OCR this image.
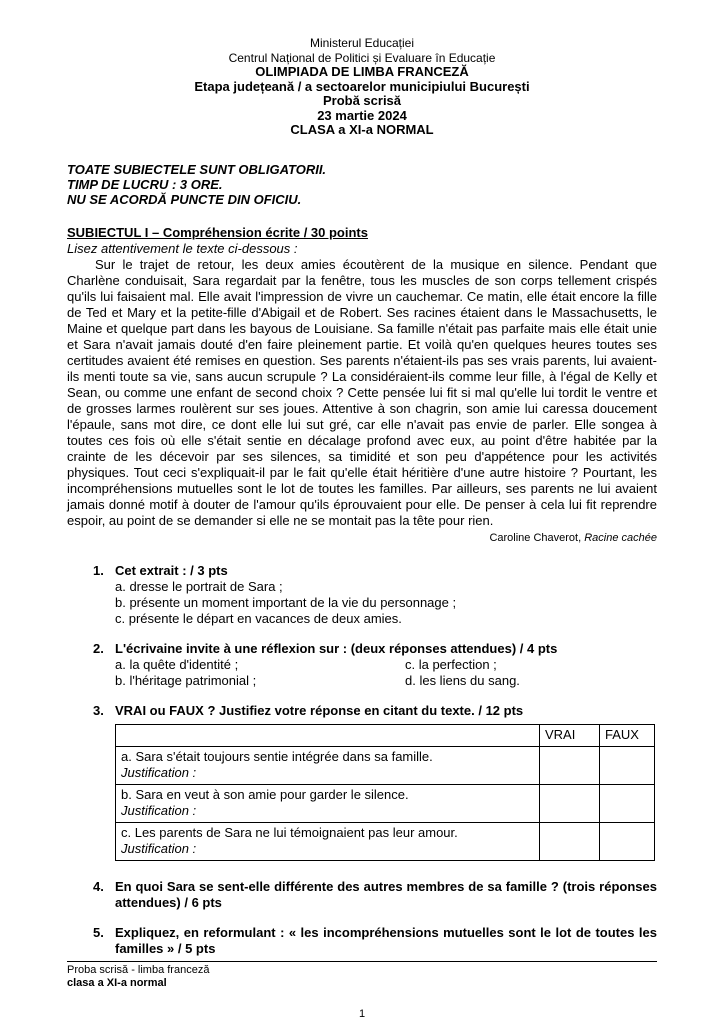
Ministerul Educației
Centrul Național de Politici și Evaluare în Educație
OLIMPIADA DE LIMBA FRANCEZĂ
Etapa județeană / a sectoarelor municipiului București
Probă scrisă
23 martie 2024
CLASA a XI-a NORMAL
TOATE SUBIECTELE SUNT OBLIGATORII.
TIMP DE LUCRU : 3 ORE.
NU SE ACORDĂ PUNCTE DIN OFICIU.
SUBIECTUL I – Compréhension écrite / 30 points
Lisez attentivement le texte ci-dessous :
Sur le trajet de retour, les deux amies écoutèrent de la musique en silence. Pendant que Charlène conduisait, Sara regardait par la fenêtre, tous les muscles de son corps tellement crispés qu'ils lui faisaient mal. Elle avait l'impression de vivre un cauchemar. Ce matin, elle était encore la fille de Ted et Mary et la petite-fille d'Abigail et de Robert. Ses racines étaient dans le Massachusetts, le Maine et quelque part dans les bayous de Louisiane. Sa famille n'était pas parfaite mais elle était unie et Sara n'avait jamais douté d'en faire pleinement partie. Et voilà qu'en quelques heures toutes ses certitudes avaient été remises en question. Ses parents n'étaient-ils pas ses vrais parents, lui avaient-ils menti toute sa vie, sans aucun scrupule ? La considéraient-ils comme leur fille, à l'égal de Kelly et Sean, ou comme une enfant de second choix ? Cette pensée lui fit si mal qu'elle lui tordit le ventre et de grosses larmes roulèrent sur ses joues. Attentive à son chagrin, son amie lui caressa doucement l'épaule, sans mot dire, ce dont elle lui sut gré, car elle n'avait pas envie de parler. Elle songea à toutes ces fois où elle s'était sentie en décalage profond avec eux, au point d'être habitée par la crainte de les décevoir par ses silences, sa timidité et son peu d'appétence pour les activités physiques. Tout ceci s'expliquait-il par le fait qu'elle était héritière d'une autre histoire ? Pourtant, les incompréhensions mutuelles sont le lot de toutes les familles. Par ailleurs, ses parents ne lui avaient jamais donné motif à douter de l'amour qu'ils éprouvaient pour elle. De penser à cela lui fit reprendre espoir, au point de se demander si elle ne se montait pas la tête pour rien.
Caroline Chaverot, Racine cachée
1. Cet extrait : / 3 pts
a. dresse le portrait de Sara ;
b. présente un moment important de la vie du personnage ;
c. présente le départ en vacances de deux amies.
2. L'écrivaine invite à une réflexion sur : (deux réponses attendues) / 4 pts
a. la quête d'identité ;	c. la perfection ;
b. l'héritage patrimonial ;	d. les liens du sang.
3. VRAI ou FAUX ? Justifiez votre réponse en citant du texte. / 12 pts
	VRAI	FAUX

a. Sara s'était toujours sentie intégrée dans sa famille.
Justification :		

b. Sara en veut à son amie pour garder le silence.
Justification :		

c. Les parents de Sara ne lui témoignaient pas leur amour.
Justification :		

4. En quoi Sara se sent-elle différente des autres membres de sa famille ? (trois réponses attendues) / 6 pts
5. Expliquez, en reformulant : « les incompréhensions mutuelles sont le lot de toutes les familles » / 5 pts
Proba scrisă - limba franceză
clasa a XI-a normal
1
